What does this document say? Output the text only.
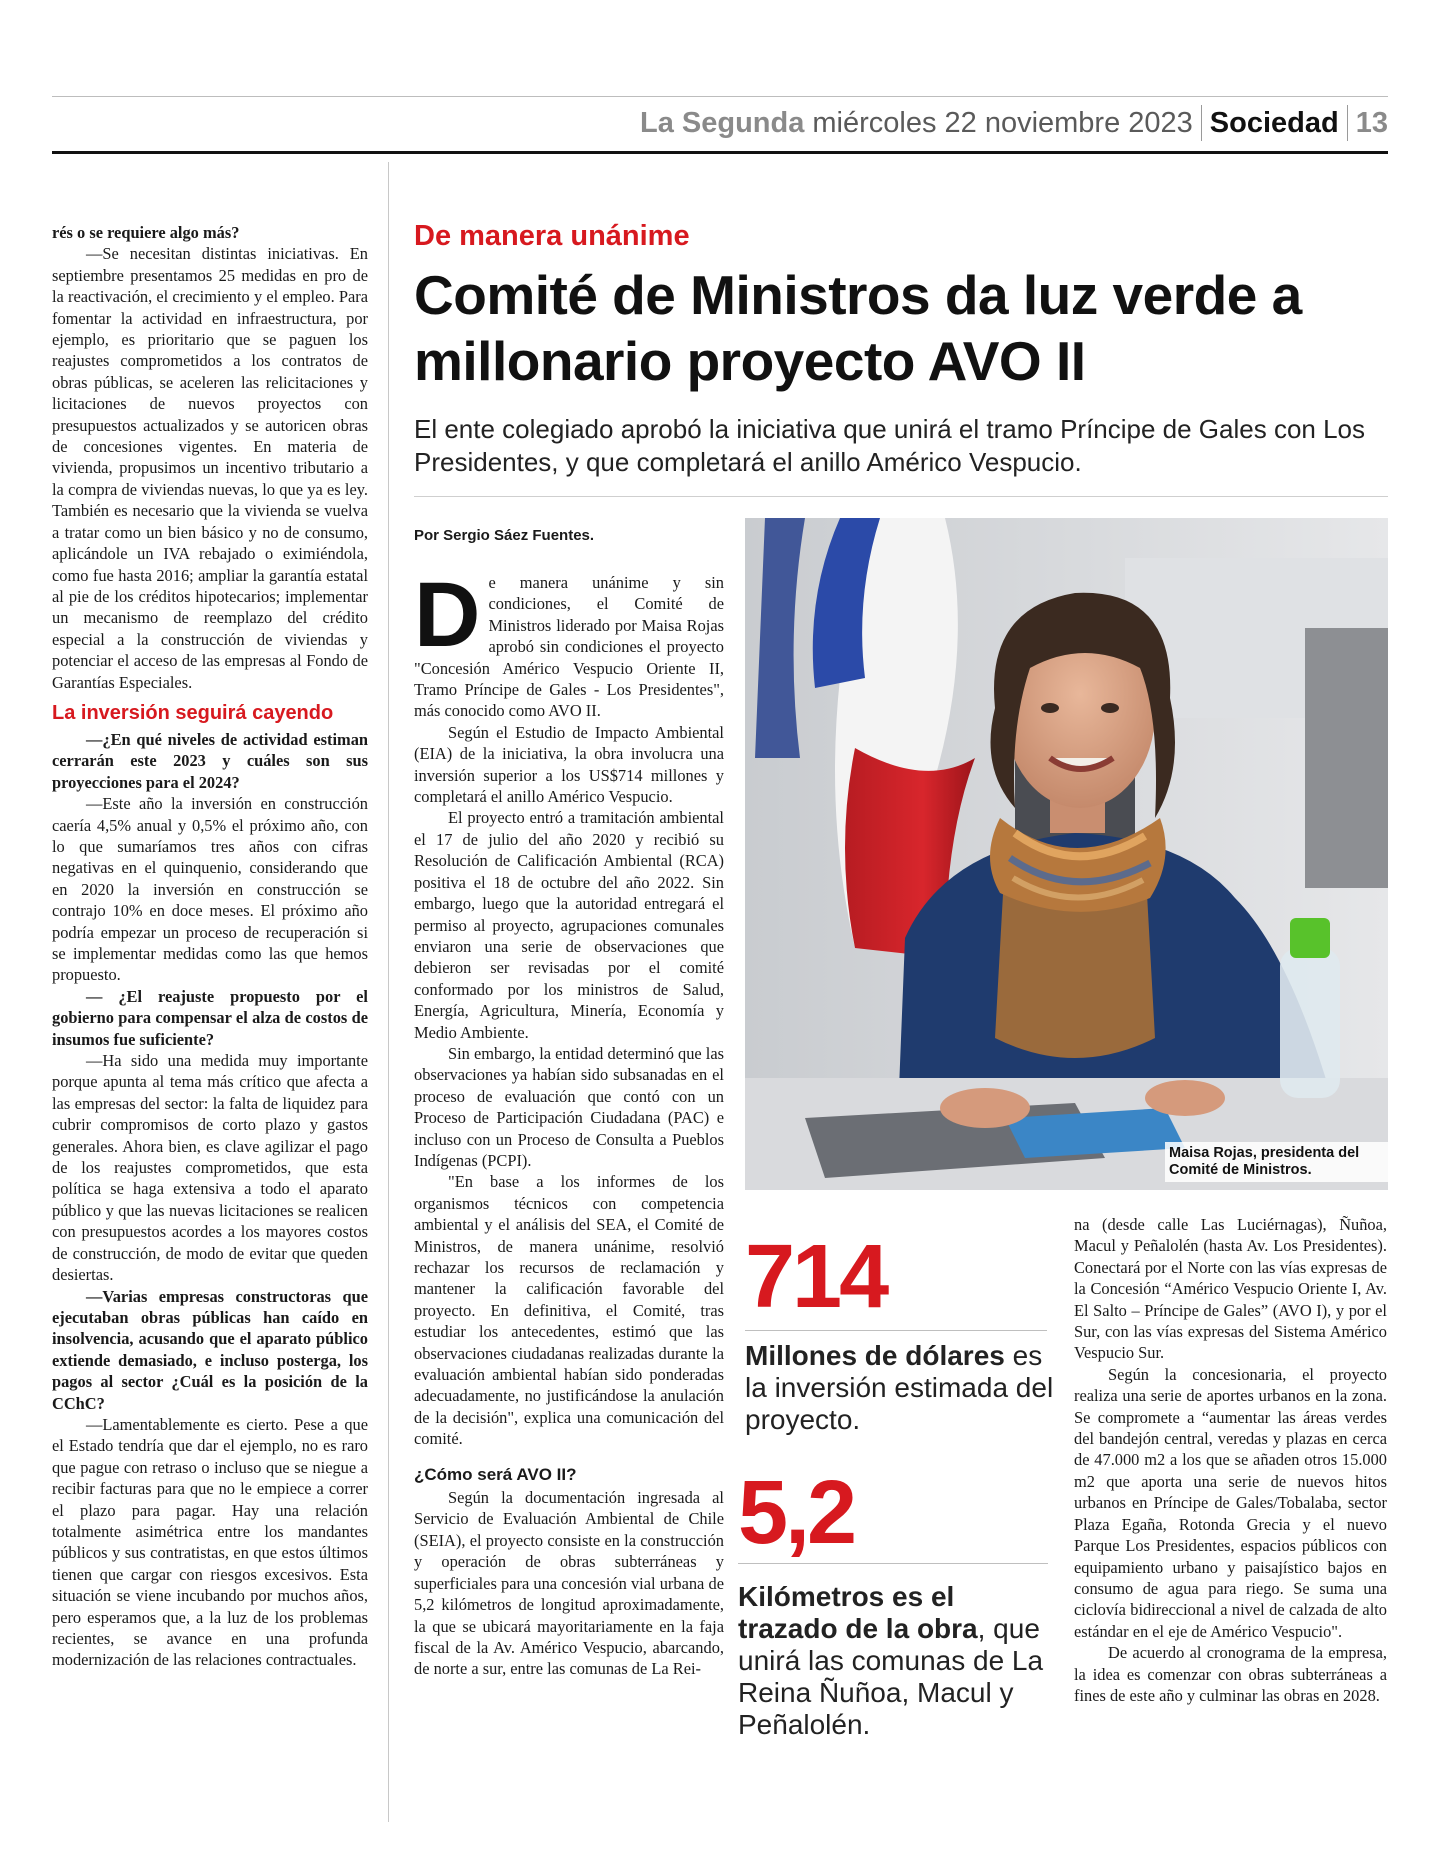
La Segunda miércoles 22 noviembre 2023 Sociedad 13

rés o se requiere algo más?

—Se necesitan distintas iniciativas. En septiembre presentamos 25 medidas en pro de la reactivación, el crecimiento y el empleo. Para fomentar la actividad en infraestructura, por ejemplo, es prioritario que se paguen los reajustes comprometidos a los contratos de obras públicas, se aceleren las relicitaciones y licitaciones de nuevos proyectos con presupuestos actualizados y se autoricen obras de concesiones vigentes. En materia de vivienda, propusimos un incentivo tributario a la compra de viviendas nuevas, lo que ya es ley. También es necesario que la vivienda se vuelva a tratar como un bien básico y no de consumo, aplicándole un IVA rebajado o eximiéndola, como fue hasta 2016; ampliar la garantía estatal al pie de los créditos hipotecarios; implementar un mecanismo de reemplazo del crédito especial a la construcción de viviendas y potenciar el acceso de las empresas al Fondo de Garantías Especiales.

La inversión seguirá cayendo

—¿En qué niveles de actividad estiman cerrarán este 2023 y cuáles son sus proyecciones para el 2024?

—Este año la inversión en construcción caería 4,5% anual y 0,5% el próximo año, con lo que sumaríamos tres años con cifras negativas en el quinquenio, considerando que en 2020 la inversión en construcción se contrajo 10% en doce meses. El próximo año podría empezar un proceso de recuperación si se implementar medidas como las que hemos propuesto.

— ¿El reajuste propuesto por el gobierno para compensar el alza de costos de insumos fue suficiente?

—Ha sido una medida muy importante porque apunta al tema más crítico que afecta a las empresas del sector: la falta de liquidez para cubrir compromisos de corto plazo y gastos generales. Ahora bien, es clave agilizar el pago de los reajustes comprometidos, que esta política se haga extensiva a todo el aparato público y que las nuevas licitaciones se realicen con presupuestos acordes a los mayores costos de construcción, de modo de evitar que queden desiertas.

—Varias empresas constructoras que ejecutaban obras públicas han caído en insolvencia, acusando que el aparato público extiende demasiado, e incluso posterga, los pagos al sector ¿Cuál es la posición de la CChC?

—Lamentablemente es cierto. Pese a que el Estado tendría que dar el ejemplo, no es raro que pague con retraso o incluso que se niegue a recibir facturas para que no le empiece a correr el plazo para pagar. Hay una relación totalmente asimétrica entre los mandantes públicos y sus contratistas, en que estos últimos tienen que cargar con riesgos excesivos. Esta situación se viene incubando por muchos años, pero esperamos que, a la luz de los problemas recientes, se avance en una profunda modernización de las relaciones contractuales.

De manera unánime
Comité de Ministros da luz verde a millonario proyecto AVO II
El ente colegiado aprobó la iniciativa que unirá el tramo Príncipe de Gales con Los Presidentes, y que completará el anillo Américo Vespucio.
Por Sergio Sáez Fuentes.

De manera unánime y sin condiciones, el Comité de Ministros liderado por Maisa Rojas aprobó sin condiciones el proyecto "Concesión Américo Vespucio Oriente II, Tramo Príncipe de Gales - Los Presidentes", más conocido como AVO II.

Según el Estudio de Impacto Ambiental (EIA) de la iniciativa, la obra involucra una inversión superior a los US$714 millones y completará el anillo Américo Vespucio.

El proyecto entró a tramitación ambiental el 17 de julio del año 2020 y recibió su Resolución de Calificación Ambiental (RCA) positiva el 18 de octubre del año 2022. Sin embargo, luego que la autoridad entregará el permiso al proyecto, agrupaciones comunales enviaron una serie de observaciones que debieron ser revisadas por el comité conformado por los ministros de Salud, Energía, Agricultura, Minería, Economía y Medio Ambiente.

Sin embargo, la entidad determinó que las observaciones ya habían sido subsanadas en el proceso de evaluación que contó con un Proceso de Participación Ciudadana (PAC) e incluso con un Proceso de Consulta a Pueblos Indígenas (PCPI).

"En base a los informes de los organismos técnicos con competencia ambiental y el análisis del SEA, el Comité de Ministros, de manera unánime, resolvió rechazar los recursos de reclamación y mantener la calificación favorable del proyecto. En definitiva, el Comité, tras estudiar los antecedentes, estimó que las observaciones ciudadanas realizadas durante la evaluación ambiental habían sido ponderadas adecuadamente, no justificándose la anulación de la decisión", explica una comunicación del comité.

¿Cómo será AVO II?

Según la documentación ingresada al Servicio de Evaluación Ambiental de Chile (SEIA), el proyecto consiste en la construcción y operación de obras subterráneas y superficiales para una concesión vial urbana de 5,2 kilómetros de longitud aproximadamente, la que se ubicará mayoritariamente en la faja fiscal de la Av. Américo Vespucio, abarcando, de norte a sur, entre las comunas de La Rei-

Maisa Rojas, presidenta del Comité de Ministros.
714
Millones de dólares es la inversión estimada del proyecto.
5,2
Kilómetros es el trazado de la obra, que unirá las comunas de La Reina Ñuñoa, Macul y Peñalolén.

na (desde calle Las Luciérnagas), Ñuñoa, Macul y Peñalolén (hasta Av. Los Presidentes). Conectará por el Norte con las vías expresas de la Concesión “Américo Vespucio Oriente I, Av. El Salto – Príncipe de Gales” (AVO I), y por el Sur, con las vías expresas del Sistema Américo Vespucio Sur.

Según la concesionaria, el proyecto realiza una serie de aportes urbanos en la zona. Se compromete a “aumentar las áreas verdes del bandejón central, veredas y plazas en cerca de 47.000 m2 a los que se añaden otros 15.000 m2 que aporta una serie de nuevos hitos urbanos en Príncipe de Gales/Tobalaba, sector Plaza Egaña, Rotonda Grecia y el nuevo Parque Los Presidentes, espacios públicos con equipamiento urbano y paisajístico bajos en consumo de agua para riego. Se suma una ciclovía bidireccional a nivel de calzada de alto estándar en el eje de Américo Vespucio".

De acuerdo al cronograma de la empresa, la idea es comenzar con obras subterráneas a fines de este año y culminar las obras en 2028.
